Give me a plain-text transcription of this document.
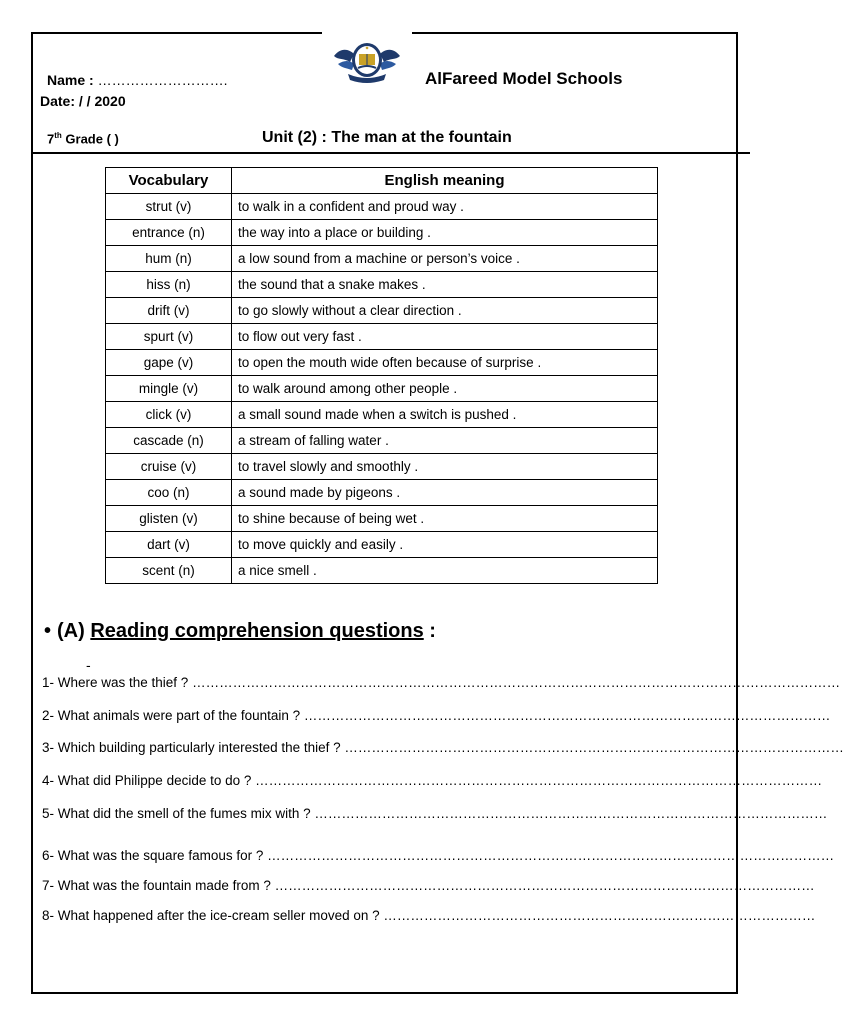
◆
Name : ……………………….
Date: / / 2020
AlFareed Model Schools
7th Grade ( )	Unit (2) : The man at the fountain
Vocabulary	English meaning
strut (v)	to walk in a confident and proud way .
entrance (n)	the way into a place or building .
hum (n)	a low sound from a machine or person’s voice .
hiss (n)	the sound that a snake makes .
drift (v)	to go slowly without a clear direction .
spurt (v)	to flow out very fast .
gape (v)	to open the mouth wide often because of surprise .
mingle (v)	to walk around among other people .
click (v)	a small sound made when a switch is pushed .
cascade (n)	a stream of falling water .
cruise (v)	to travel slowly and smoothly .
coo (n)	a sound made by pigeons .
glisten (v)	to shine because of being wet .
dart (v)	to move quickly and easily .
scent (n)	a nice smell .
• (A) Reading comprehension questions :
-
1- Where was the thief ? ………………………………………………………………………………………………………………………………
2- What animals were part of the fountain ? ………………………………………………………………………………………………………
3- Which building particularly interested the thief ? …………………………………………………………………………………………………
4- What did Philippe decide to do ? ………………………………………………………………………………………………………………
5- What did the smell of the fumes mix with ? ……………………………………………………………………………………………………
6- What was the square famous for ? ………………………………………………………………………………………………………………
7- What was the fountain made from ? …………………………………………………………………………………………………………
8- What happened after the ice-cream seller moved on ? ……………………………………………………………………………………
